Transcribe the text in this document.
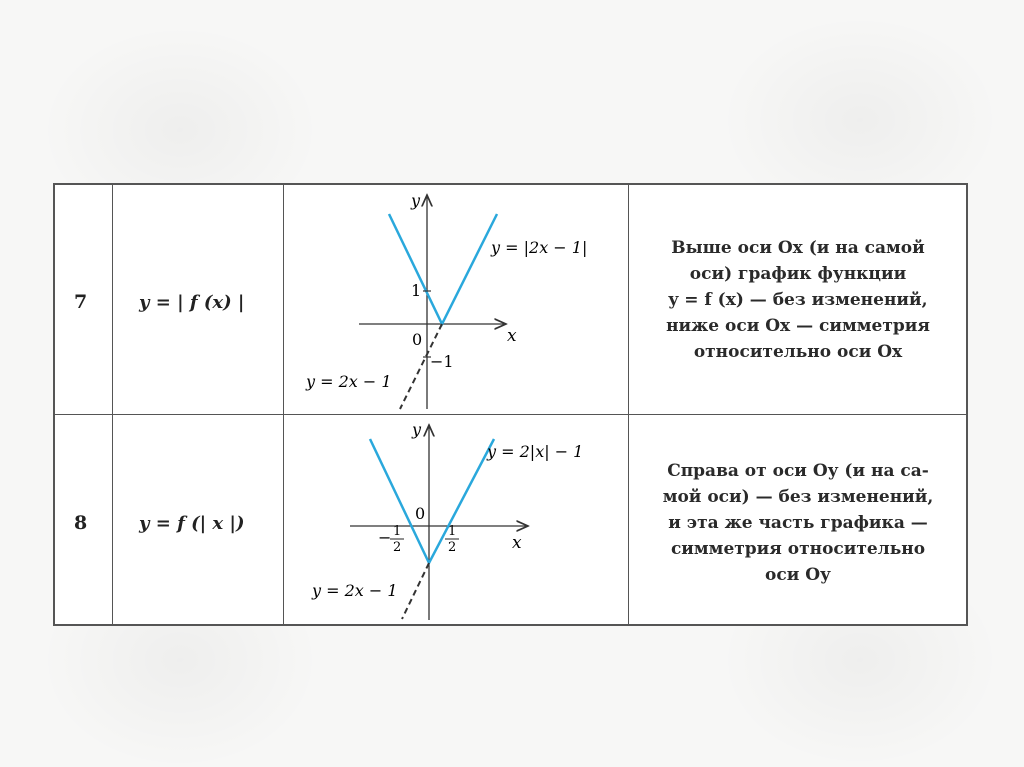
7	y = | f (x) |
y
x
0
1
−1
y = |2x − 1|
y = 2x − 1
Выше оси Ох (и на самой
оси) график функции
y = f (x) — без изменений,
ниже оси Ох — симметрия
относительно оси Ох
8	y = f (| x |)
y
x
0
− 1
2
1
2
y = 2|x| − 1
y = 2x − 1
Справа от оси Оу (и на са-
мой оси) — без изменений,
и эта же часть графика —
симметрия относительно
оси Оу
